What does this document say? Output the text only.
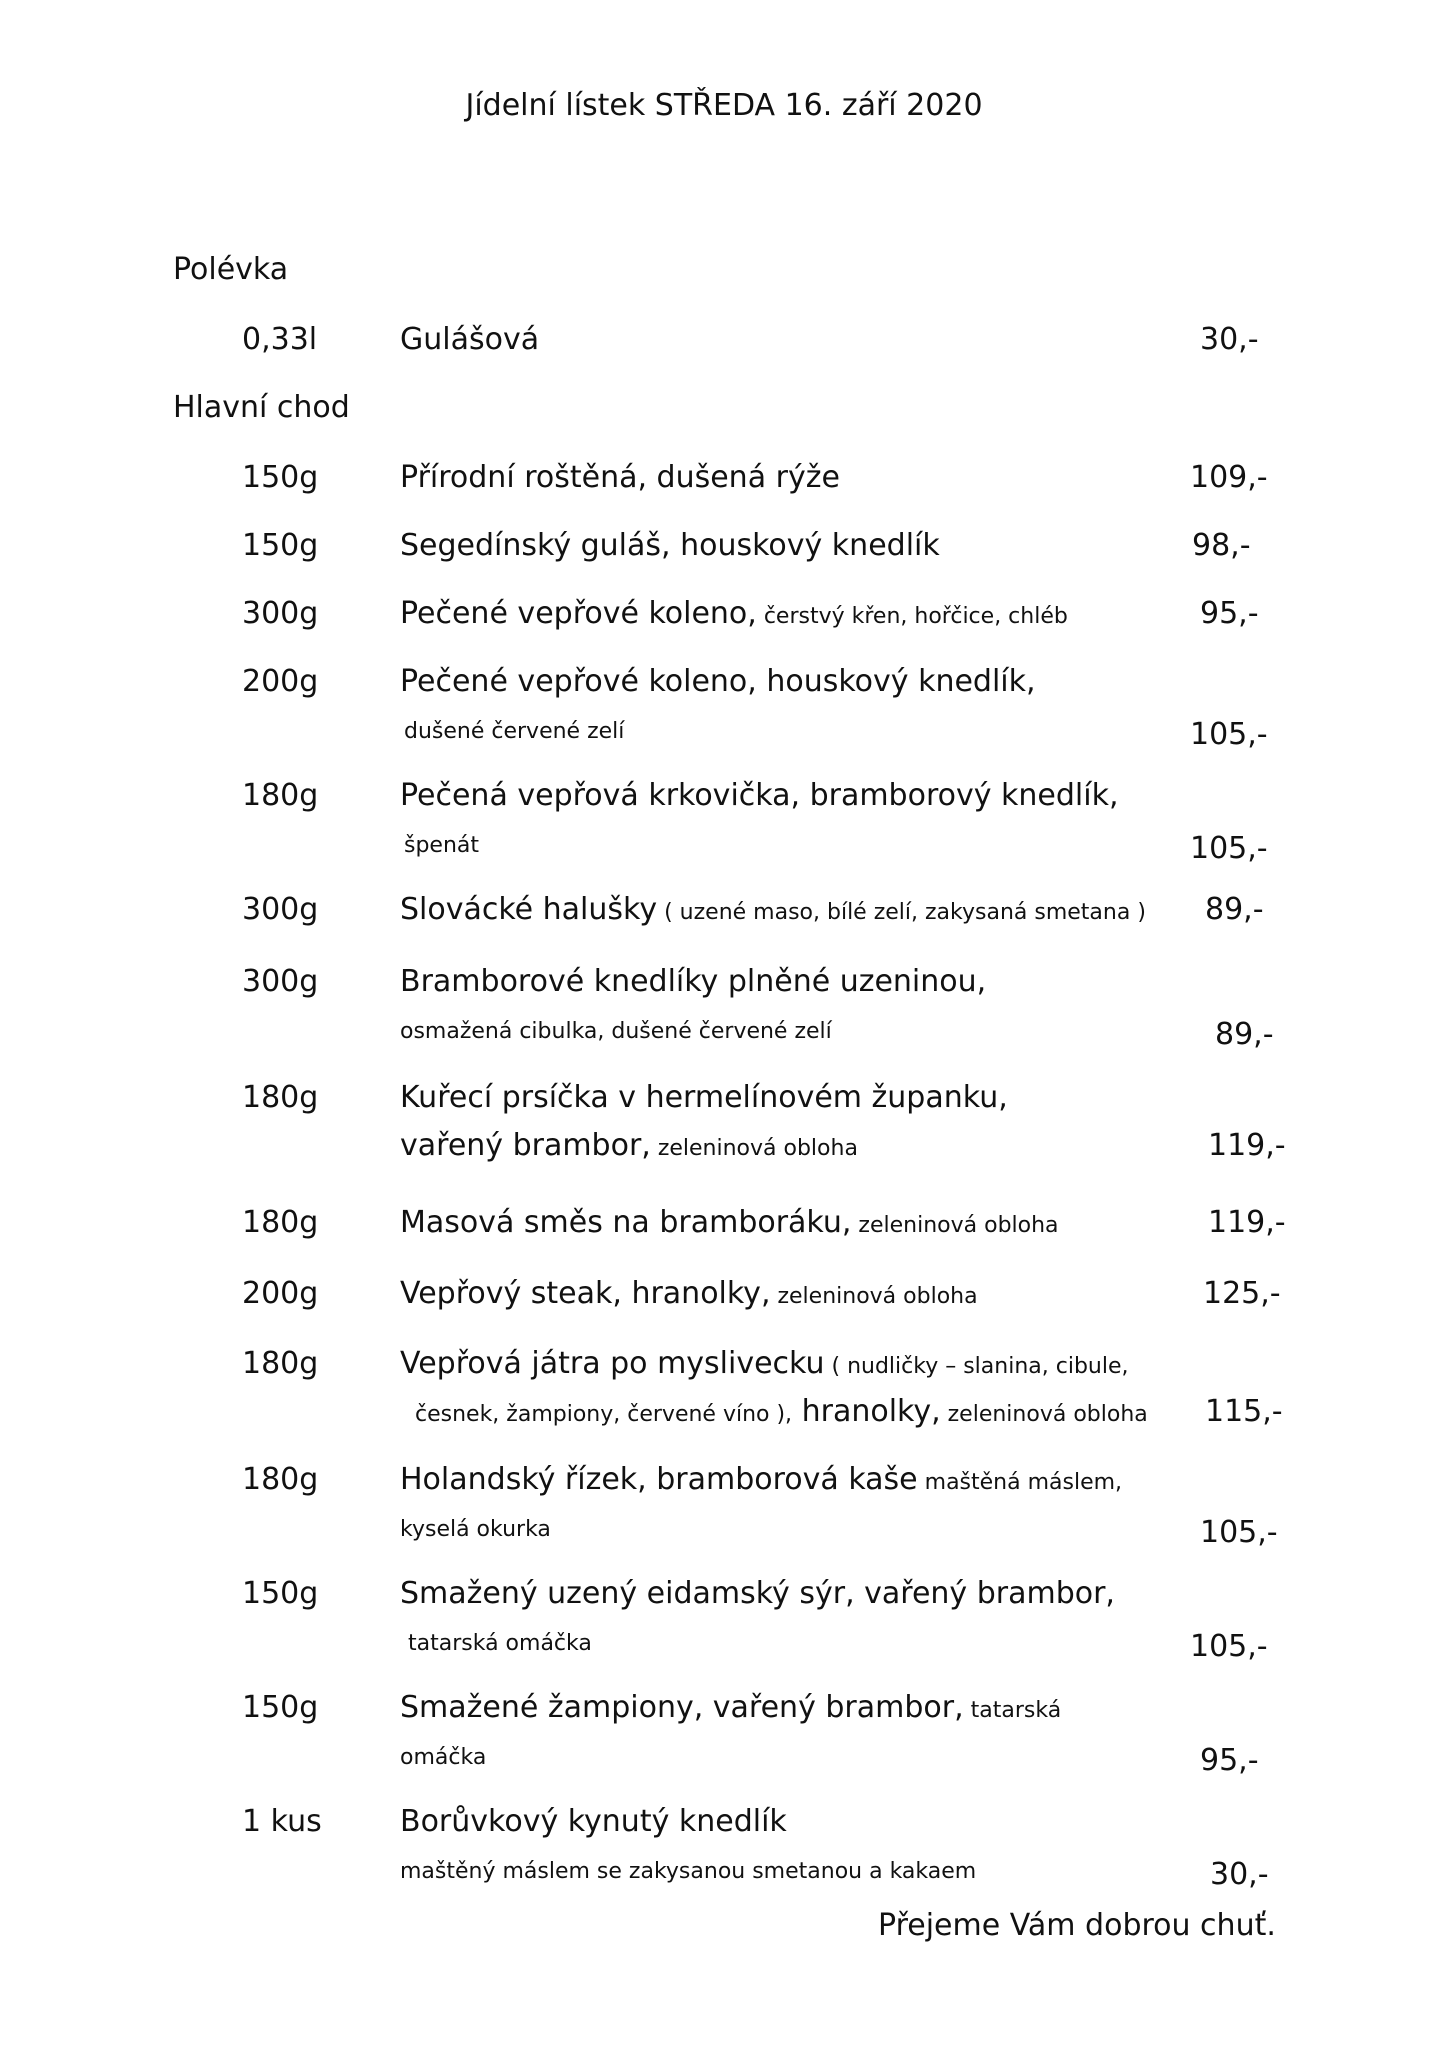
Jídelní lístek STŘEDA 16. září 2020
Polévka
0,33l	Gulášová	30,-
Hlavní chod
150g	Přírodní roštěná, dušená rýže	109,-
150g	Segedínský guláš, houskový knedlík	98,-
300g	Pečené vepřové koleno, čerstvý křen, hořčice, chléb	95,-
200g	Pečené vepřové koleno, houskový knedlík,
dušené červené zelí	105,-
180g	Pečená vepřová krkovička, bramborový knedlík,
špenát	105,-
300g	Slovácké halušky ( uzené maso, bílé zelí, zakysaná smetana ) 89,-
300g	Bramborové knedlíky plněné uzeninou,
osmažená cibulka, dušené červené zelí	89,-
180g	Kuřecí prsíčka v hermelínovém županku,
vařený brambor, zeleninová obloha	119,-
180g	Masová směs na bramboráku, zeleninová obloha	119,-
200g	Vepřový steak, hranolky, zeleninová obloha	125,-
180g	Vepřová játra po myslivecku ( nudličky – slanina, cibule,
česnek, žampiony, červené víno ), hranolky, zeleninová obloha 115,-
180g	Holandský řízek, bramborová kaše maštěná máslem,
kyselá okurka	105,-
150g	Smažený uzený eidamský sýr, vařený brambor,
tatarská omáčka	105,-
150g	Smažené žampiony, vařený brambor, tatarská
omáčka	95,-
1 kus	Borůvkový kynutý knedlík
maštěný máslem se zakysanou smetanou a kakaem	30,-
Přejeme Vám dobrou chuť.
